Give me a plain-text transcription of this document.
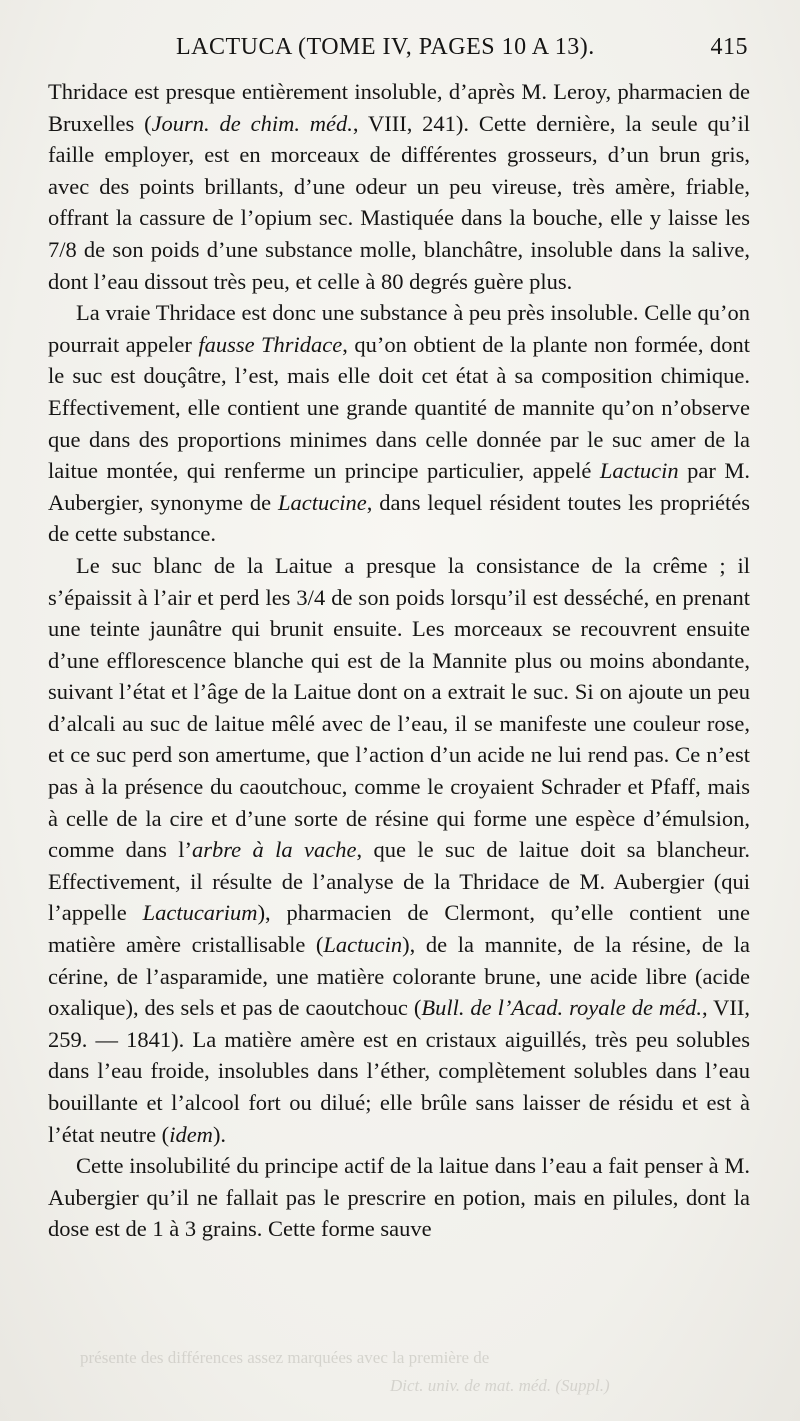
LACTUCA (TOME IV, PAGES 10 A 13).	415

Thridace est presque entièrement insoluble, d’après M. Leroy, pharmacien de Bruxelles (Journ. de chim. méd., VIII, 241). Cette dernière, la seule qu’il faille employer, est en morceaux de différentes grosseurs, d’un brun gris, avec des points brillants, d’une odeur un peu vireuse, très amère, friable, offrant la cassure de l’opium sec. Mastiquée dans la bouche, elle y laisse les 7/8 de son poids d’une substance molle, blanchâtre, insoluble dans la salive, dont l’eau dissout très peu, et celle à 80 degrés guère plus.

La vraie Thridace est donc une substance à peu près insoluble. Celle qu’on pourrait appeler fausse Thridace, qu’on obtient de la plante non formée, dont le suc est douçâtre, l’est, mais elle doit cet état à sa composition chimique. Effectivement, elle contient une grande quantité de mannite qu’on n’observe que dans des proportions minimes dans celle donnée par le suc amer de la laitue montée, qui renferme un principe particulier, appelé Lactucin par M. Aubergier, synonyme de Lactucine, dans lequel résident toutes les propriétés de cette substance.

Le suc blanc de la Laitue a presque la consistance de la crême ; il s’épaissit à l’air et perd les 3/4 de son poids lorsqu’il est desséché, en prenant une teinte jaunâtre qui brunit ensuite. Les morceaux se recouvrent ensuite d’une efflorescence blanche qui est de la Mannite plus ou moins abondante, suivant l’état et l’âge de la Laitue dont on a extrait le suc. Si on ajoute un peu d’alcali au suc de laitue mêlé avec de l’eau, il se manifeste une couleur rose, et ce suc perd son amertume, que l’action d’un acide ne lui rend pas. Ce n’est pas à la présence du caoutchouc, comme le croyaient Schrader et Pfaff, mais à celle de la cire et d’une sorte de résine qui forme une espèce d’émulsion, comme dans l’arbre à la vache, que le suc de laitue doit sa blancheur. Effectivement, il résulte de l’analyse de la Thridace de M. Aubergier (qui l’appelle Lactucarium), pharmacien de Clermont, qu’elle contient une matière amère cristallisable (Lactucin), de la mannite, de la résine, de la cérine, de l’asparamide, une matière colorante brune, une acide libre (acide oxalique), des sels et pas de caoutchouc (Bull. de l’Acad. royale de méd., VII, 259. — 1841). La matière amère est en cristaux aiguillés, très peu solubles dans l’eau froide, insolubles dans l’éther, complètement solubles dans l’eau bouillante et l’alcool fort ou dilué; elle brûle sans laisser de résidu et est à l’état neutre (idem).

Cette insolubilité du principe actif de la laitue dans l’eau a fait penser à M. Aubergier qu’il ne fallait pas le prescrire en potion, mais en pilules, dont la dose est de 1 à 3 grains. Cette forme sauve

présente des différences assez marquées avec la première de
Dict. univ. de mat. méd. (Suppl.)
